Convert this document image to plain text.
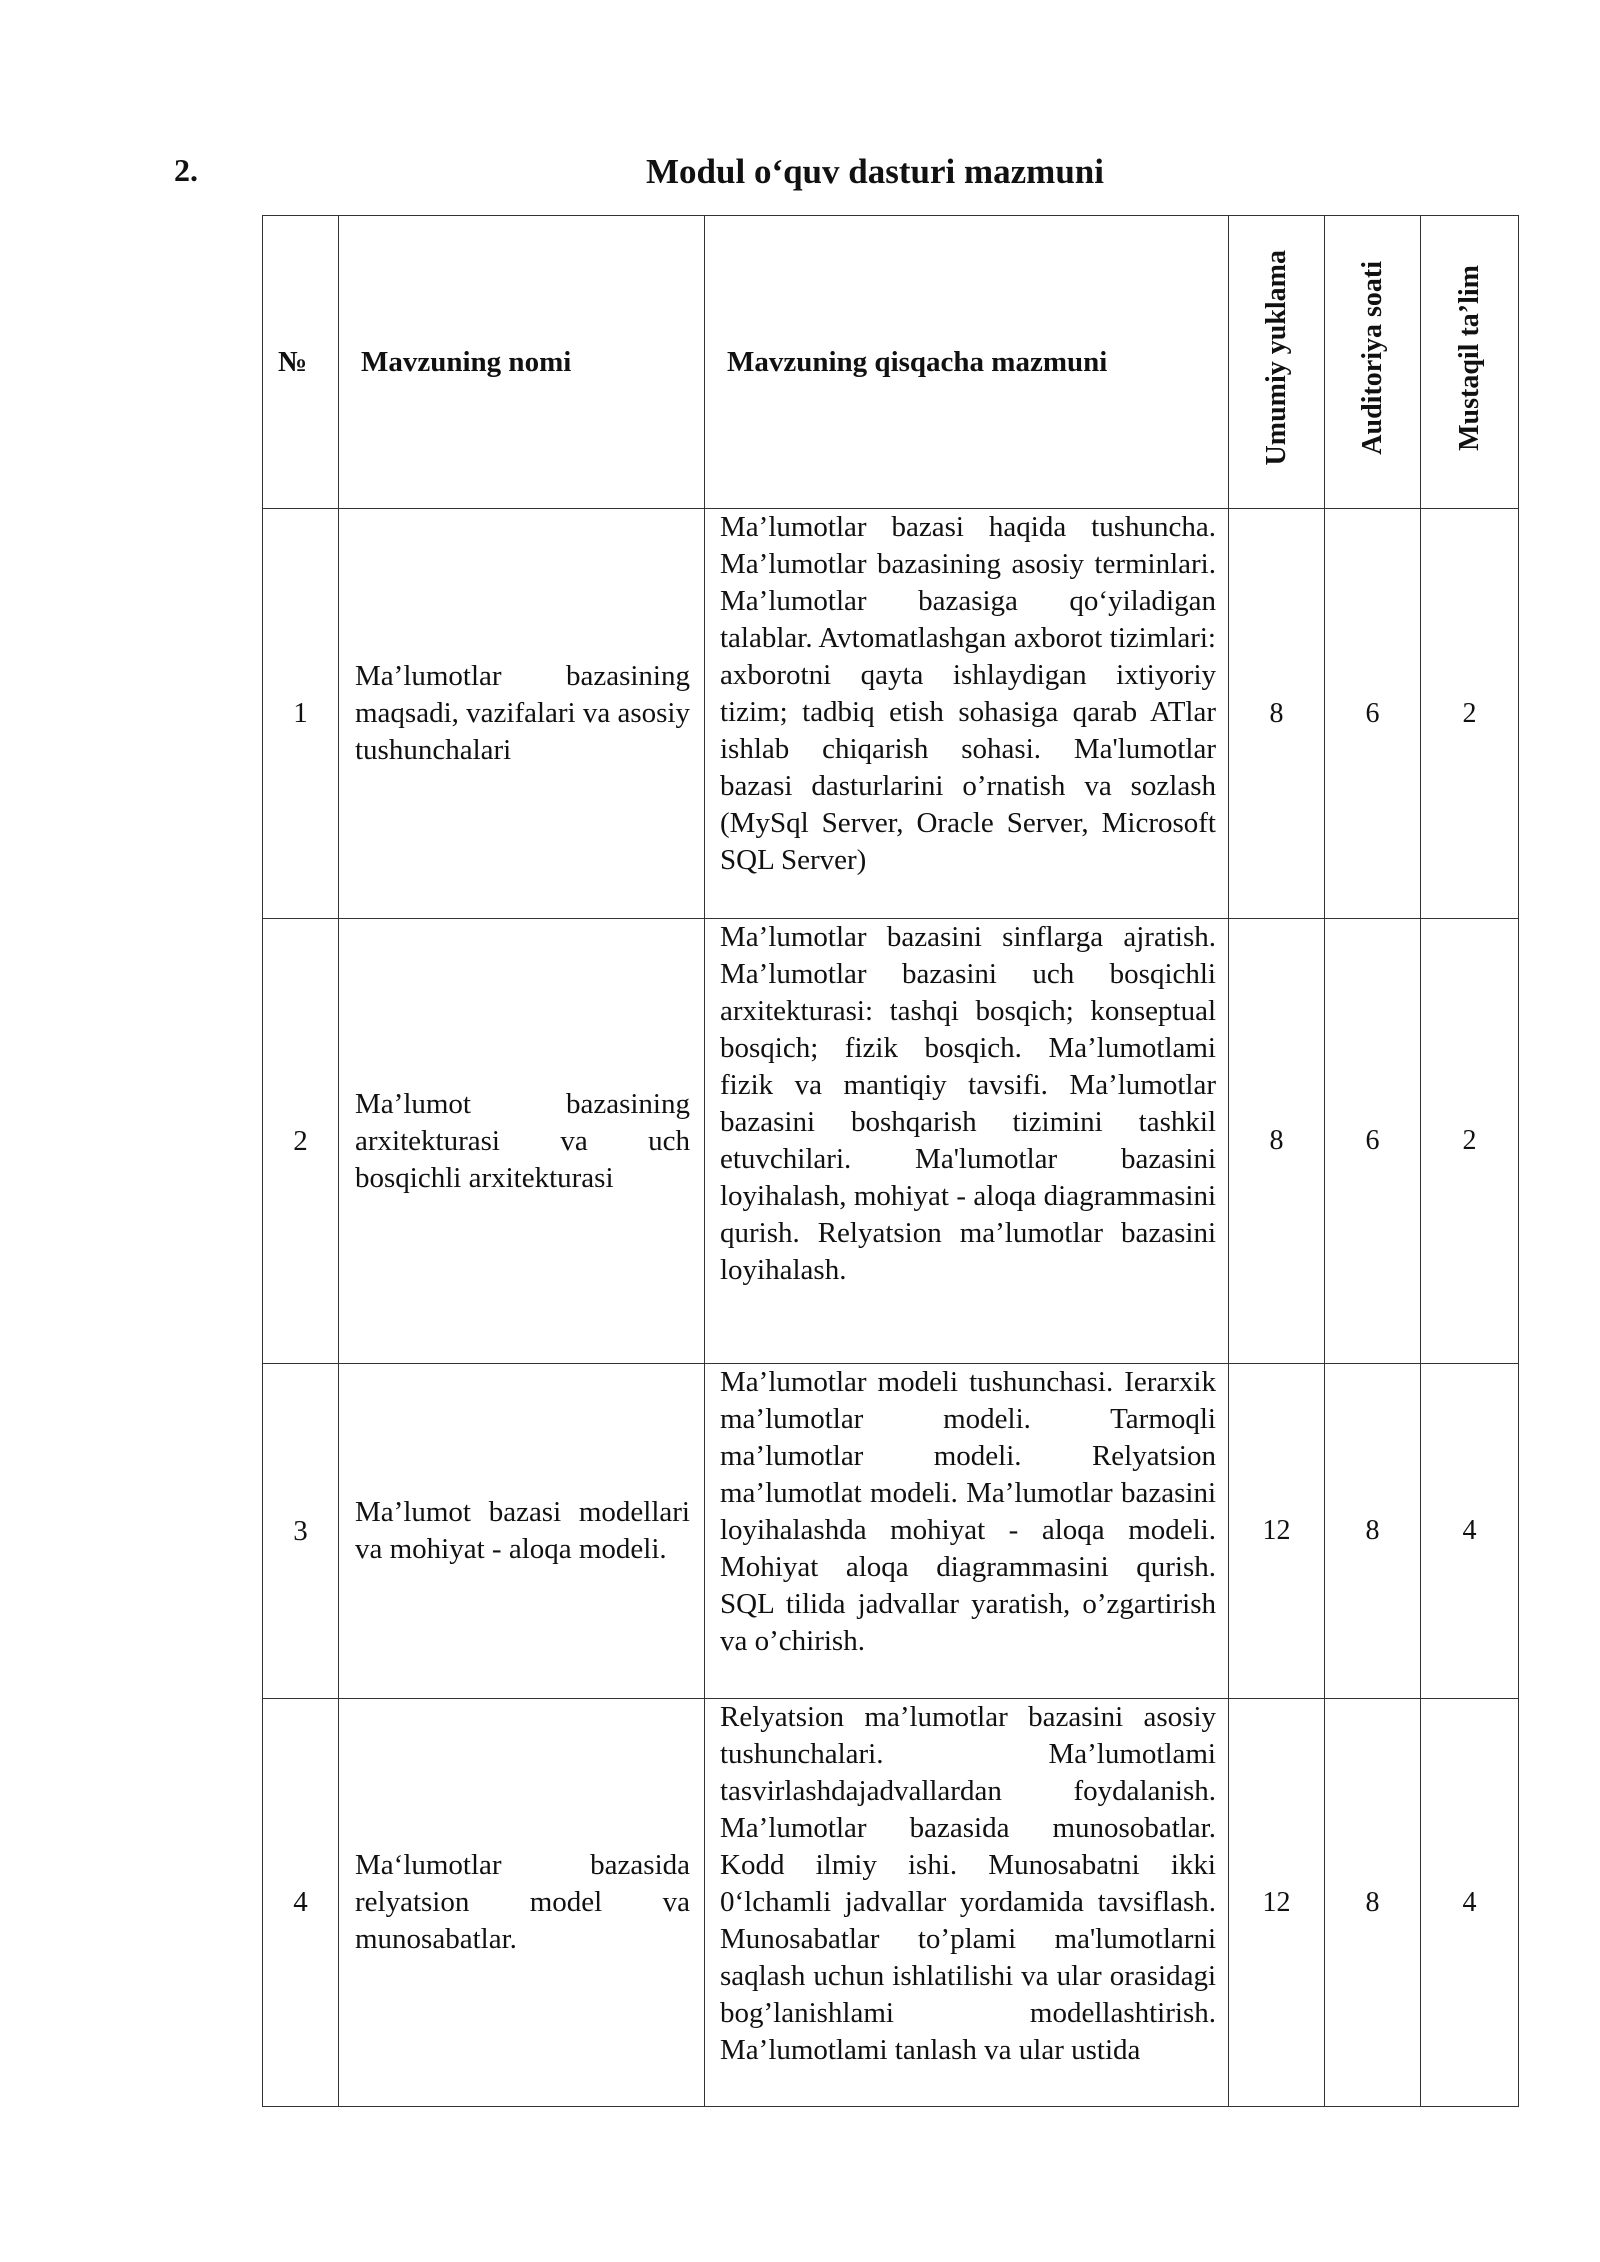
2.	Modul o‘quv dasturi mazmuni
№	Mavzuning nomi	Mavzuning qisqacha mazmuni	Umumiy yuklama	Auditoriya soati	Mustaqil ta’lim
1	Ma’lumotlar bazasining maqsadi, vazifalari va asosiy tushunchalari	Ma’lumotlar bazasi haqida tushuncha. Ma’lumotlar bazasining asosiy terminlari. Ma’lumotlar bazasiga qo‘yiladigan talablar. Avtomatlashgan axborot tizimlari: axborotni qayta ishlaydigan ixtiyoriy tizim; tadbiq etish sohasiga qarab ATlar ishlab chiqarish sohasi. Ma'lumotlar bazasi dasturlarini o’rnatish va sozlash (MySql Server, Oracle Server, Microsoft SQL Server)	8	6	2
2	Ma’lumot bazasining arxitekturasi va uch bosqichli arxitekturasi	Ma’lumotlar bazasini sinflarga ajratish. Ma’lumotlar bazasini uch bosqichli arxitekturasi: tashqi bosqich; konseptual bosqich; fizik bosqich. Ma’lumotlami fizik va mantiqiy tavsifi. Ma’lumotlar bazasini boshqarish tizimini tashkil etuvchilari. Ma'lumotlar bazasini loyihalash, mohiyat - aloqa diagrammasini qurish. Relyatsion ma’lumotlar bazasini loyihalash.	8	6	2
3	Ma’lumot bazasi modellari va mohiyat - aloqa modeli.	Ma’lumotlar modeli tushunchasi. Ierarxik ma’lumotlar modeli. Tarmoqli ma’lumotlar modeli. Relyatsion ma’lumotlat modeli. Ma’lumotlar bazasini loyihalashda mohiyat - aloqa modeli. Mohiyat aloqa diagrammasini qurish. SQL tilida jadvallar yaratish, o’zgartirish va o’chirish.	12	8	4
4	Ma‘lumotlar bazasida relyatsion model va munosabatlar.	Relyatsion ma’lumotlar bazasini asosiy tushunchalari. Ma’lumotlami tasvirlashdajadvallardan foydalanish. Ma’lumotlar bazasida munosobatlar. Kodd ilmiy ishi. Munosabatni ikki 0‘lchamli jadvallar yordamida tavsiflash. Munosabatlar to’plami ma'lumotlarni saqlash uchun ishlatilishi va ular orasidagi bog’lanishlami modellashtirish. Ma’lumotlami tanlash va ular ustida	12	8	4
